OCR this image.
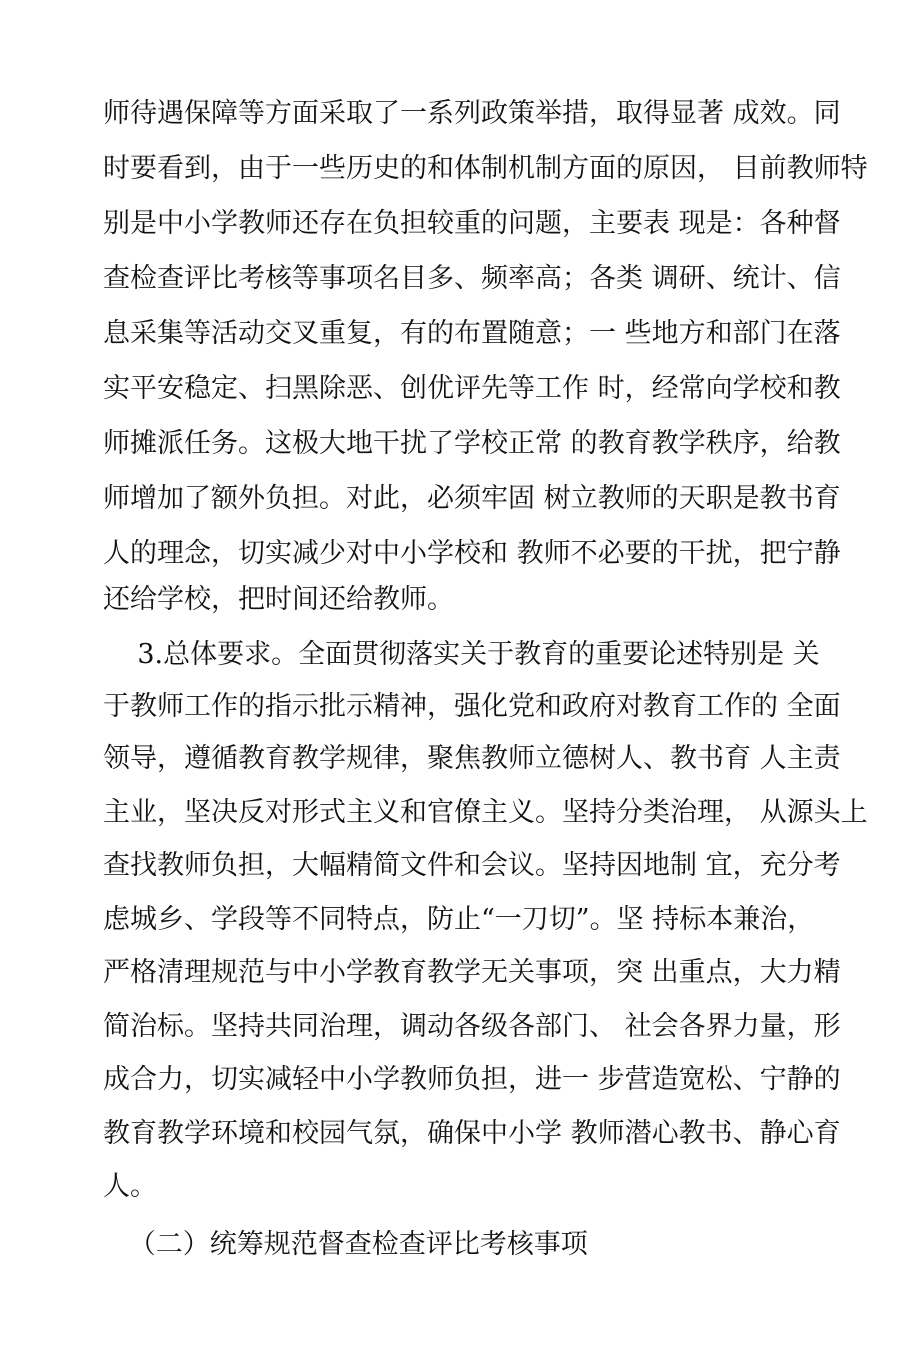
师待遇保障等方面采取了一系列政策举措，取得显著 成效。同
时要看到，由于一些历史的和体制机制方面的原因， 目前教师特
别是中小学教师还存在负担较重的问题，主要表 现是：各种督
查检查评比考核等事项名目多、频率高；各类 调研、统计、信
息采集等活动交叉重复，有的布置随意；一 些地方和部门在落
实平安稳定、扫黑除恶、创优评先等工作 时，经常向学校和教
师摊派任务。这极大地干扰了学校正常 的教育教学秩序，给教
师增加了额外负担。对此，必须牢固 树立教师的天职是教书育
人的理念，切实减少对中小学校和 教师不必要的干扰，把宁静
还给学校，把时间还给教师。
3.总体要求。全面贯彻落实关于教育的重要论述特别是 关
于教师工作的指示批示精神，强化党和政府对教育工作的 全面
领导，遵循教育教学规律，聚焦教师立德树人、教书育 人主责
主业，坚决反对形式主义和官僚主义。坚持分类治理， 从源头上
查找教师负担，大幅精简文件和会议。坚持因地制 宜，充分考
虑城乡、学段等不同特点，防止“一刀切”。坚 持标本兼治，
严格清理规范与中小学教育教学无关事项，突 出重点，大力精
简治标。坚持共同治理，调动各级各部门、 社会各界力量，形
成合力，切实减轻中小学教师负担，进一 步营造宽松、宁静的
教育教学环境和校园气氛，确保中小学 教师潜心教书、静心育
人。
（二）统筹规范督查检查评比考核事项
